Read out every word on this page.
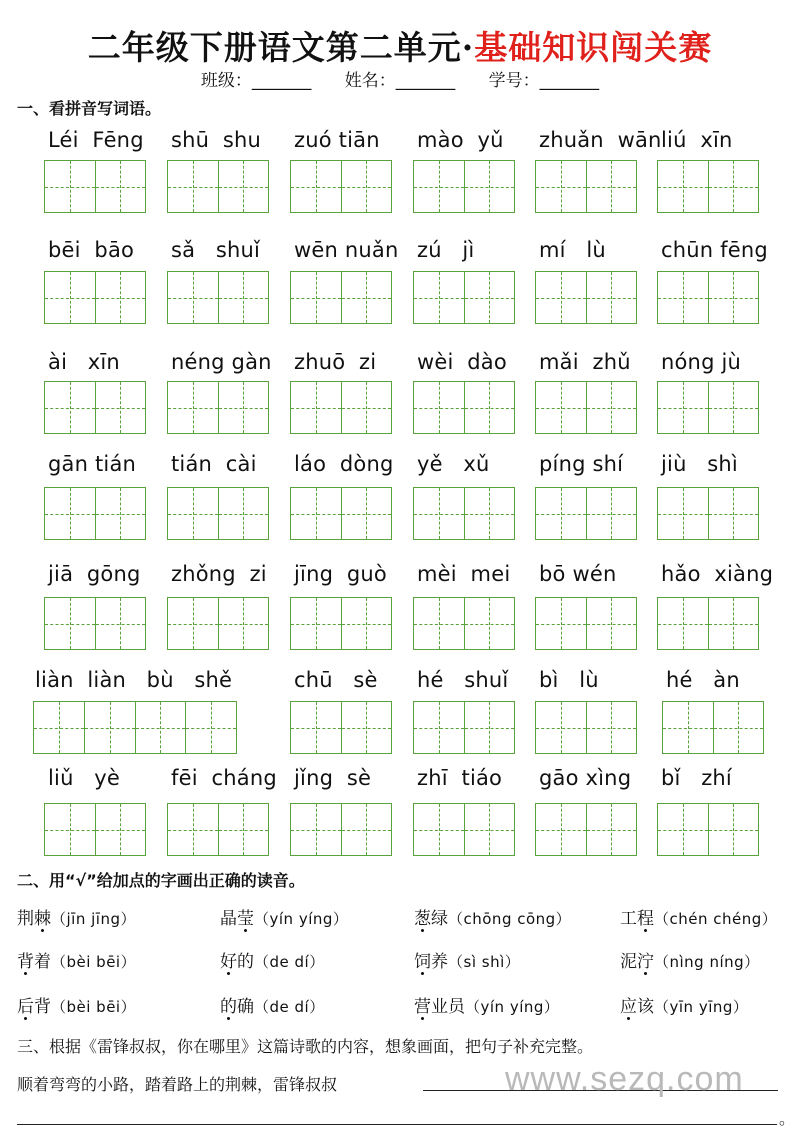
二年级下册语文第二单元·基础知识闯关赛
班级：_______ 姓名：_______ 学号：_______
一、看拼音写词语。
Léi  Fēng shū  shu zuó tiān mào  yǔ zhuǎn  wān liú  xīn
bēi  bāo sǎ   shuǐ wēn nuǎn zú   jì	mí   lù	chūn fēng
ài   xīn néng gàn zhuō  zi wèi  dào mǎi  zhǔ nóng jù
gān tián tián  cài láo  dòng yě   xǔ píng shí jiù   shì
jiā  gōng zhǒng  zi jīng  guò mèi  mei bō wén hǎo  xiàng
liàn  liàn   bù   shě	chū   sè hé   shuǐ bì   lù	hé   àn
liǔ   yè fēi  cháng jǐng  sè zhī  tiáo gāo xìng bǐ   zhí
二、用“√”给加点的字画出正确的读音。
荆棘（jīn jīng）	晶莹（yín yíng）	葱绿（chōng cōng）	工程（chén chéng）
背着（bèi bēi）	好的（de dí）	饲养（sì shì）	泥泞（nìng níng）
后背（bèi bēi）	的确（de dí）	营业员（yín yíng）	应该（yīn yīng）
三、根据《雷锋叔叔，你在哪里》这篇诗歌的内容，想象画面，把句子补充完整。
顺着弯弯的小路，踏着路上的荆棘，雷锋叔叔
。
www.sezq.com
